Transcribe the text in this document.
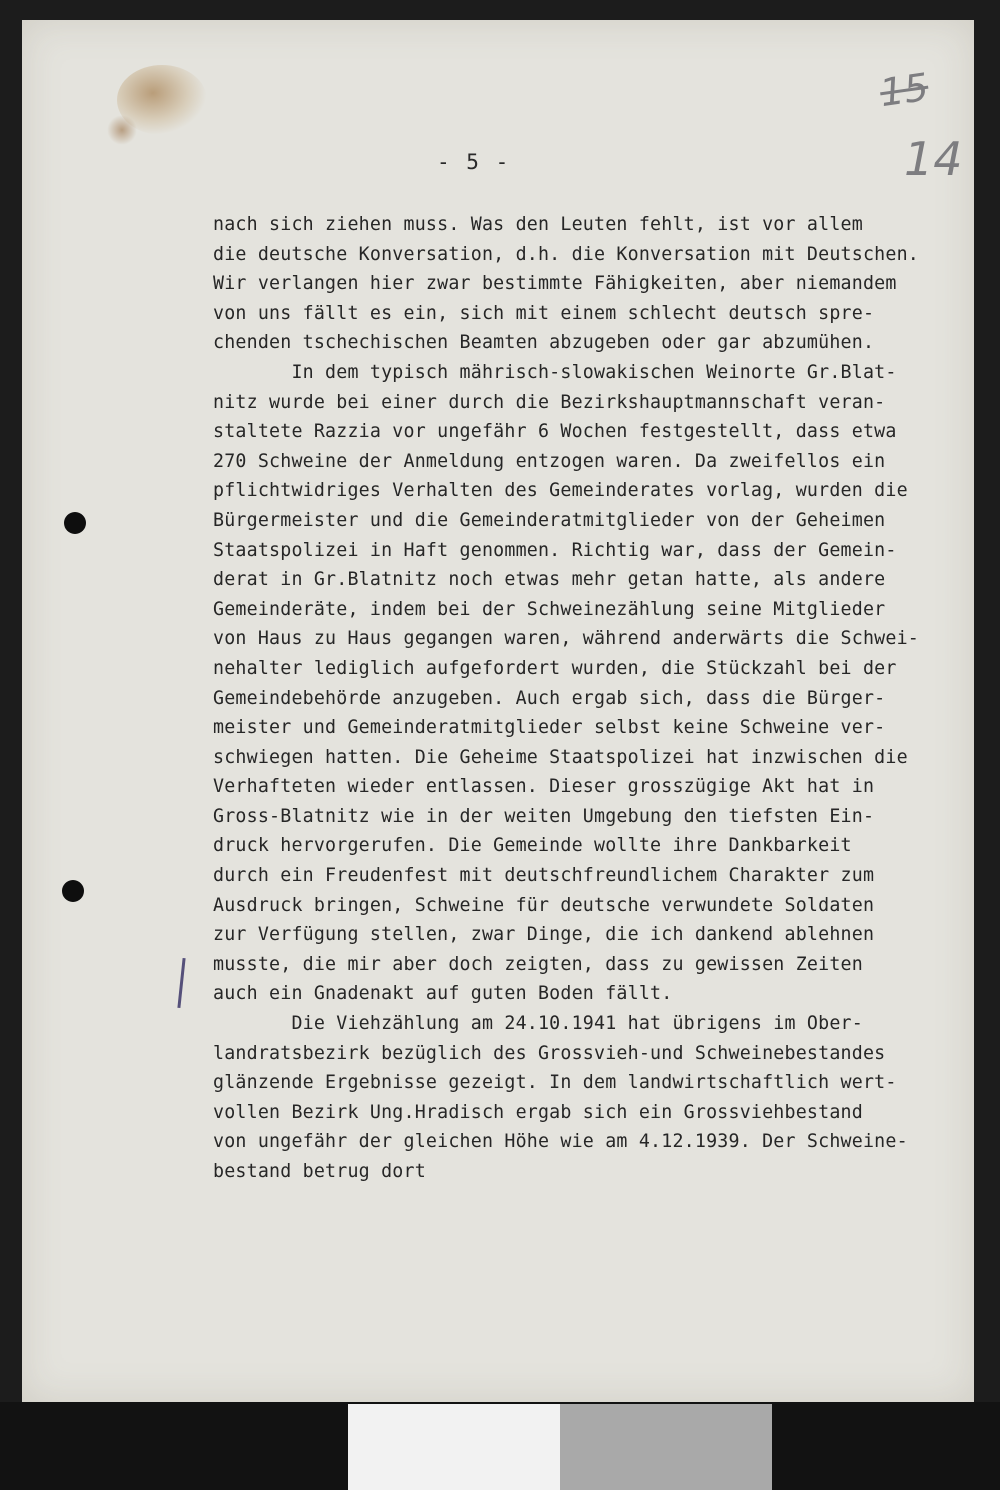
15
14
- 5 -
nach sich ziehen muss. Was den Leuten fehlt, ist vor allem
die deutsche Konversation, d.h. die Konversation mit Deutschen.
Wir verlangen hier zwar bestimmte Fähigkeiten, aber niemandem
von uns fällt es ein, sich mit einem schlecht deutsch spre-
chenden tschechischen Beamten abzugeben oder gar abzumühen.
In dem typisch mährisch-slowakischen Weinorte Gr.Blat-
nitz wurde bei einer durch die Bezirkshauptmannschaft veran-
staltete Razzia vor ungefähr 6 Wochen festgestellt, dass etwa
270 Schweine der Anmeldung entzogen waren. Da zweifellos ein
pflichtwidriges Verhalten des Gemeinderates vorlag, wurden die
Bürgermeister und die Gemeinderatmitglieder von der Geheimen
Staatspolizei in Haft genommen. Richtig war, dass der Gemein-
derat in Gr.Blatnitz noch etwas mehr getan hatte, als andere
Gemeinderäte, indem bei der Schweinezählung seine Mitglieder
von Haus zu Haus gegangen waren, während anderwärts die Schwei-
nehalter lediglich aufgefordert wurden, die Stückzahl bei der
Gemeindebehörde anzugeben. Auch ergab sich, dass die Bürger-
meister und Gemeinderatmitglieder selbst keine Schweine ver-
schwiegen hatten. Die Geheime Staatspolizei hat inzwischen die
Verhafteten wieder entlassen. Dieser grosszügige Akt hat in
Gross-Blatnitz wie in der weiten Umgebung den tiefsten Ein-
druck hervorgerufen. Die Gemeinde wollte ihre Dankbarkeit
durch ein Freudenfest mit deutschfreundlichem Charakter zum
Ausdruck bringen, Schweine für deutsche verwundete Soldaten
zur Verfügung stellen, zwar Dinge, die ich dankend ablehnen
musste, die mir aber doch zeigten, dass zu gewissen Zeiten
auch ein Gnadenakt auf guten Boden fällt.
Die Viehzählung am 24.10.1941 hat übrigens im Ober-
landratsbezirk bezüglich des Grossvieh-und Schweinebestandes
glänzende Ergebnisse gezeigt. In dem landwirtschaftlich wert-
vollen Bezirk Ung.Hradisch ergab sich ein Grossviehbestand
von ungefähr der gleichen Höhe wie am 4.12.1939. Der Schweine-
bestand betrug dort
